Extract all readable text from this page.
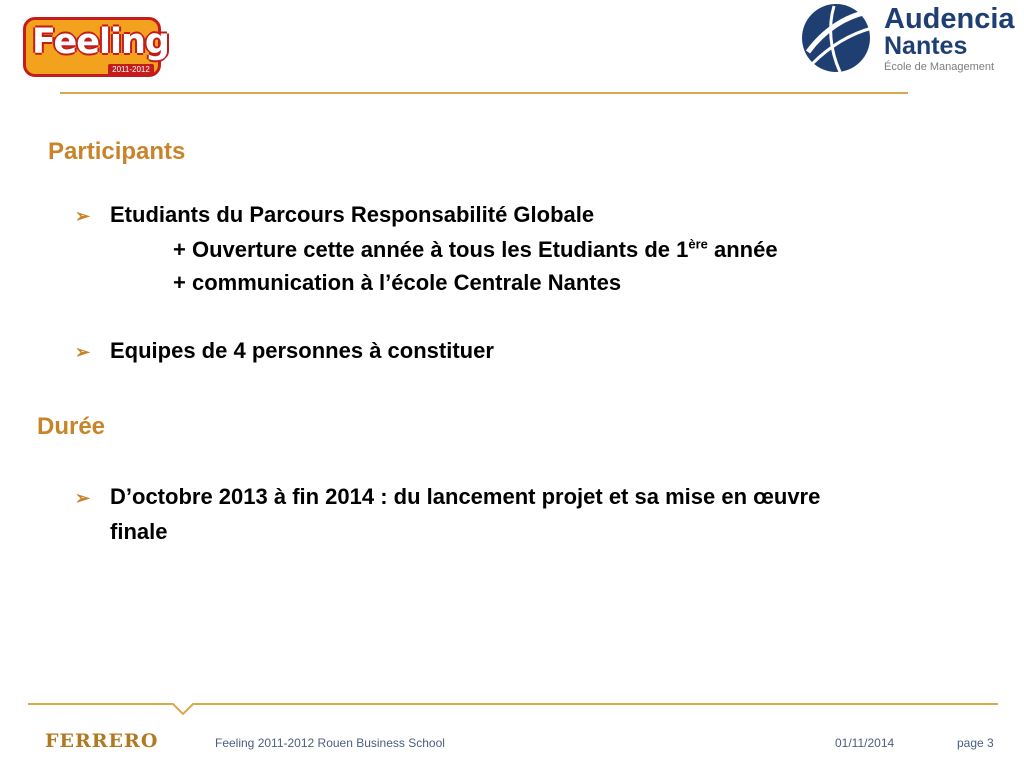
Feeling
2011-2012
Audencia
Nantes
École de Management
Participants
➢ Etudiants du Parcours Responsabilité Globale
+ Ouverture cette année à tous les Etudiants de 1ère année
+ communication à l’école Centrale Nantes
➢ Equipes de 4 personnes à constituer
Durée
➢ D’octobre 2013 à fin 2014 : du lancement projet et sa mise en œuvre
finale
FERRERO	Feeling 2011-2012 Rouen Business School	01/11/2014	page 3
